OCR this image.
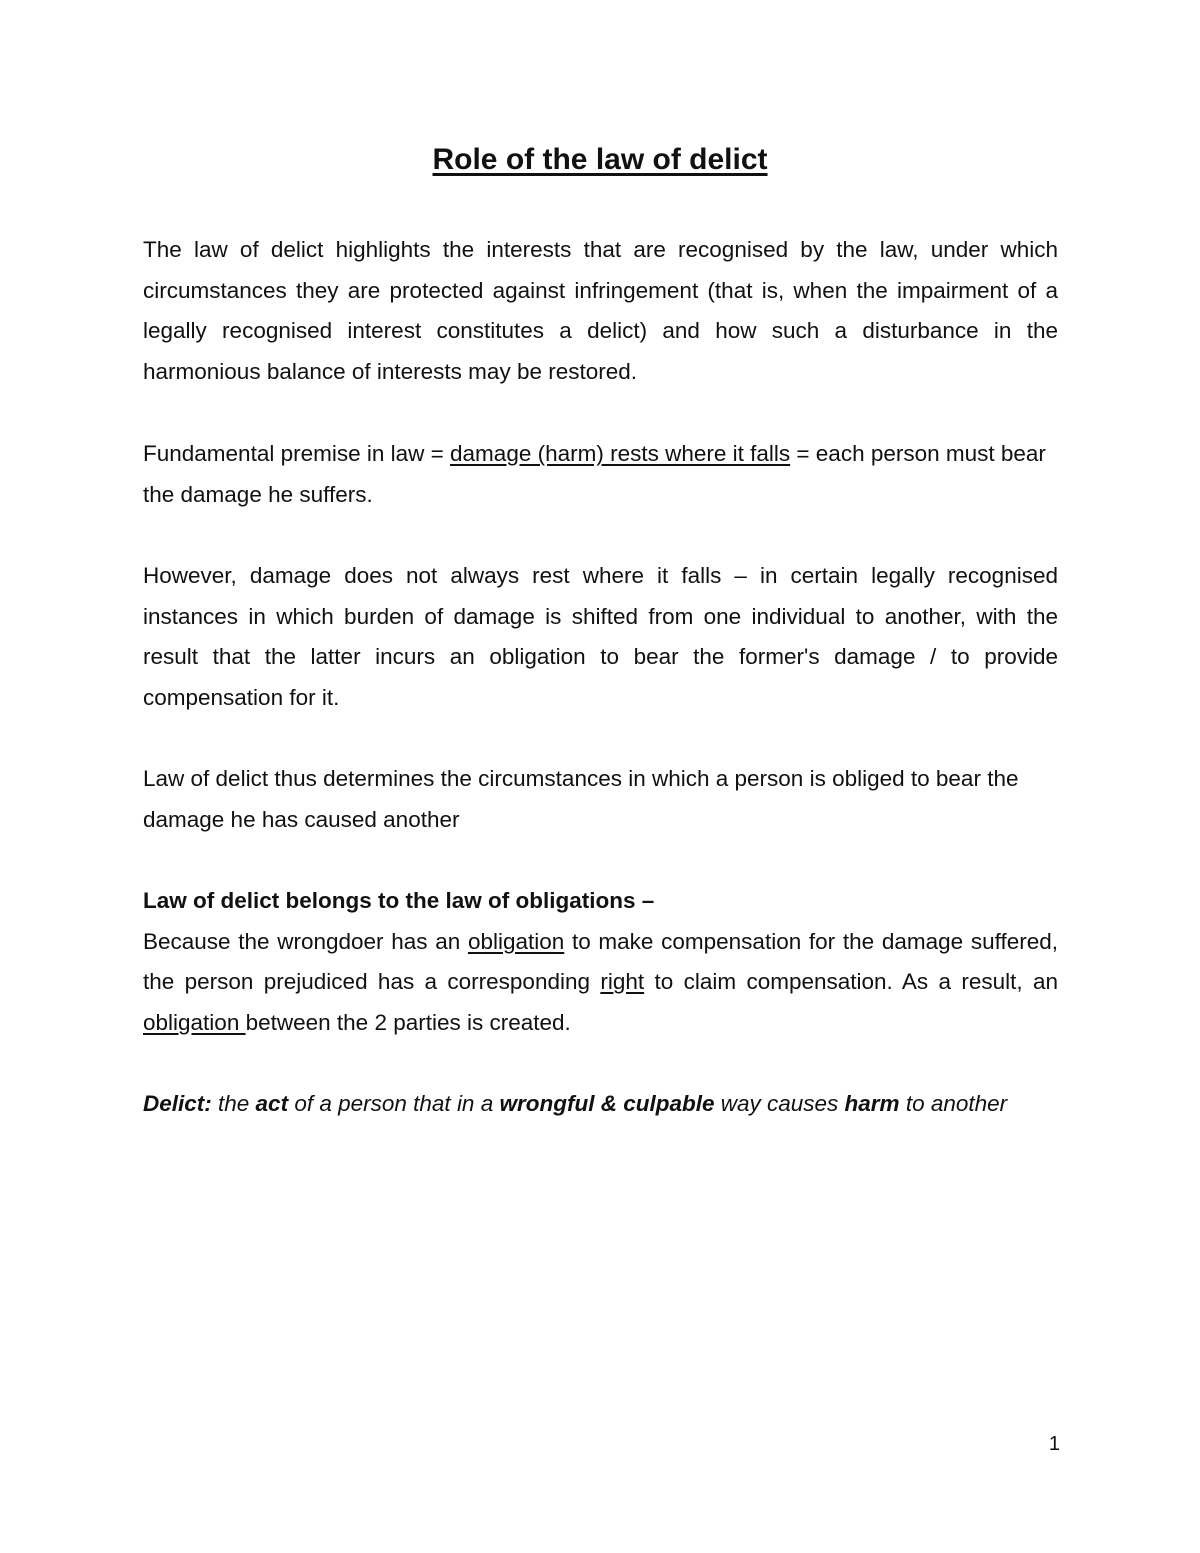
Role of the law of delict

The law of delict highlights the interests that are recognised by the law, under which circumstances they are protected against infringement (that is, when the impairment of a legally recognised interest constitutes a delict) and how such a disturbance in the harmonious balance of interests may be restored.

Fundamental premise in law = damage (harm) rests where it falls = each person must bear the damage he suffers.

However, damage does not always rest where it falls – in certain legally recognised instances in which burden of damage is shifted from one individual to another, with the result that the latter incurs an obligation to bear the former's damage / to provide compensation for it.

Law of delict thus determines the circumstances in which a person is obliged to bear the damage he has caused another

Law of delict belongs to the law of obligations –
Because the wrongdoer has an obligation to make compensation for the damage suffered, the person prejudiced has a corresponding right to claim compensation. As a result, an obligation between the 2 parties is created.

Delict: the act of a person that in a wrongful & culpable way causes harm to another

1
